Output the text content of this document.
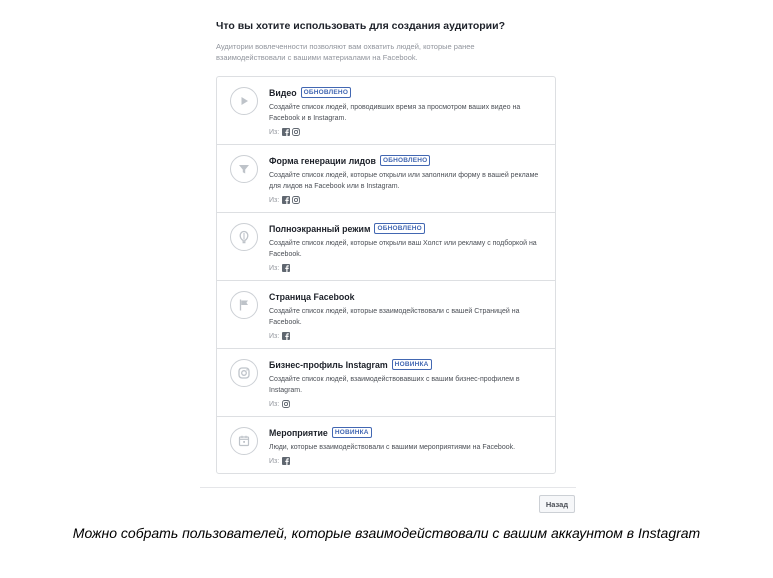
Что вы хотите использовать для создания аудитории?
Аудитории вовлеченности позволяют вам охватить людей, которые ранее взаимодействовали с вашими материалами на Facebook.
Видео	ОБНОВЛЕНО
Создайте список людей, проводивших время за просмотром ваших видео на Facebook и в Instagram.
Из:
Форма генерации лидов	ОБНОВЛЕНО
Создайте список людей, которые открыли или заполнили форму в вашей рекламе для лидов на Facebook или в Instagram.
Из:
Полноэкранный режим	ОБНОВЛЕНО
Создайте список людей, которые открыли ваш Холст или рекламу с подборкой на Facebook.
Из:
Страница Facebook
Создайте список людей, которые взаимодействовали с вашей Страницей на Facebook.
Из:
Бизнес-профиль Instagram	НОВИНКА
Создайте список людей, взаимодействовавших с вашим бизнес-профилем в Instagram.
Из:
Мероприятие	НОВИНКА
Люди, которые взаимодействовали с вашими мероприятиями на Facebook.
Из:
Назад
Можно собрать пользователей, которые взаимодействовали с вашим аккаунтом в Instagram
